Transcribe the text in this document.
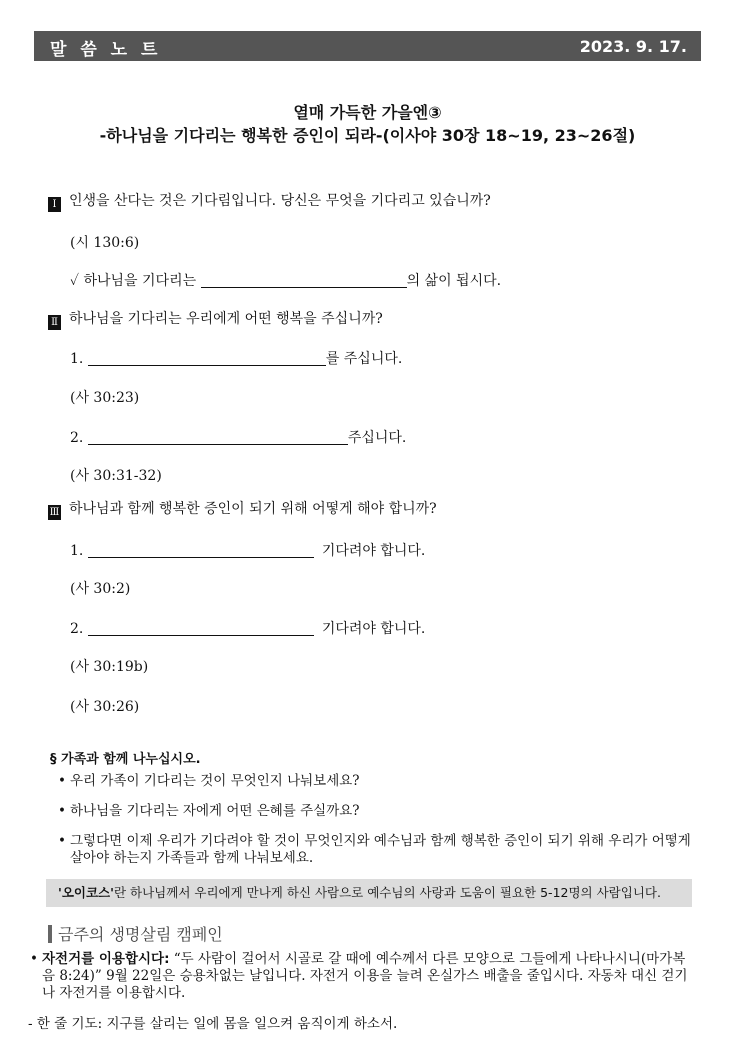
말 씀 노 트	2023. 9. 17.
열매 가득한 가을엔③
-하나님을 기다리는 행복한 증인이 되라-(이사야 30장 18~19, 23~26절)
Ⅰ 인생을 산다는 것은 기다림입니다. 당신은 무엇을 기다리고 있습니까?
(시 130:6)
✓ 하나님을 기다리는	의 삶이 됩시다.
Ⅱ 하나님을 기다리는 우리에게 어떤 행복을 주십니까?
1.	를 주십니다.
(사 30:23)
2.	주십니다.
(사 30:31-32)
Ⅲ 하나님과 함께 행복한 증인이 되기 위해 어떻게 해야 합니까?
1.	기다려야 합니다.
(사 30:2)
2.	기다려야 합니다.
(사 30:19b)
(사 30:26)
§ 가족과 함께 나누십시오.
• 우리 가족이 기다리는 것이 무엇인지 나눠보세요?
• 하나님을 기다리는 자에게 어떤 은혜를 주실까요?
• 그렇다면 이제 우리가 기다려야 할 것이 무엇인지와 예수님과 함께 행복한 증인이 되기 위해 우리가 어떻게 살아야 하는지 가족들과 함께 나눠보세요.
'오이코스'란 하나님께서 우리에게 만나게 하신 사람으로 예수님의 사랑과 도움이 필요한 5-12명의 사람입니다.
금주의 생명살림 캠페인
• 자전거를 이용합시다: “두 사람이 걸어서 시골로 갈 때에 예수께서 다른 모양으로 그들에게 나타나시니(마가복음 8:24)” 9월 22일은 승용차없는 날입니다. 자전거 이용을 늘려 온실가스 배출을 줄입시다. 자동차 대신 걷기나 자전거를 이용합시다.
- 한 줄 기도: 지구를 살리는 일에 몸을 일으켜 움직이게 하소서.
